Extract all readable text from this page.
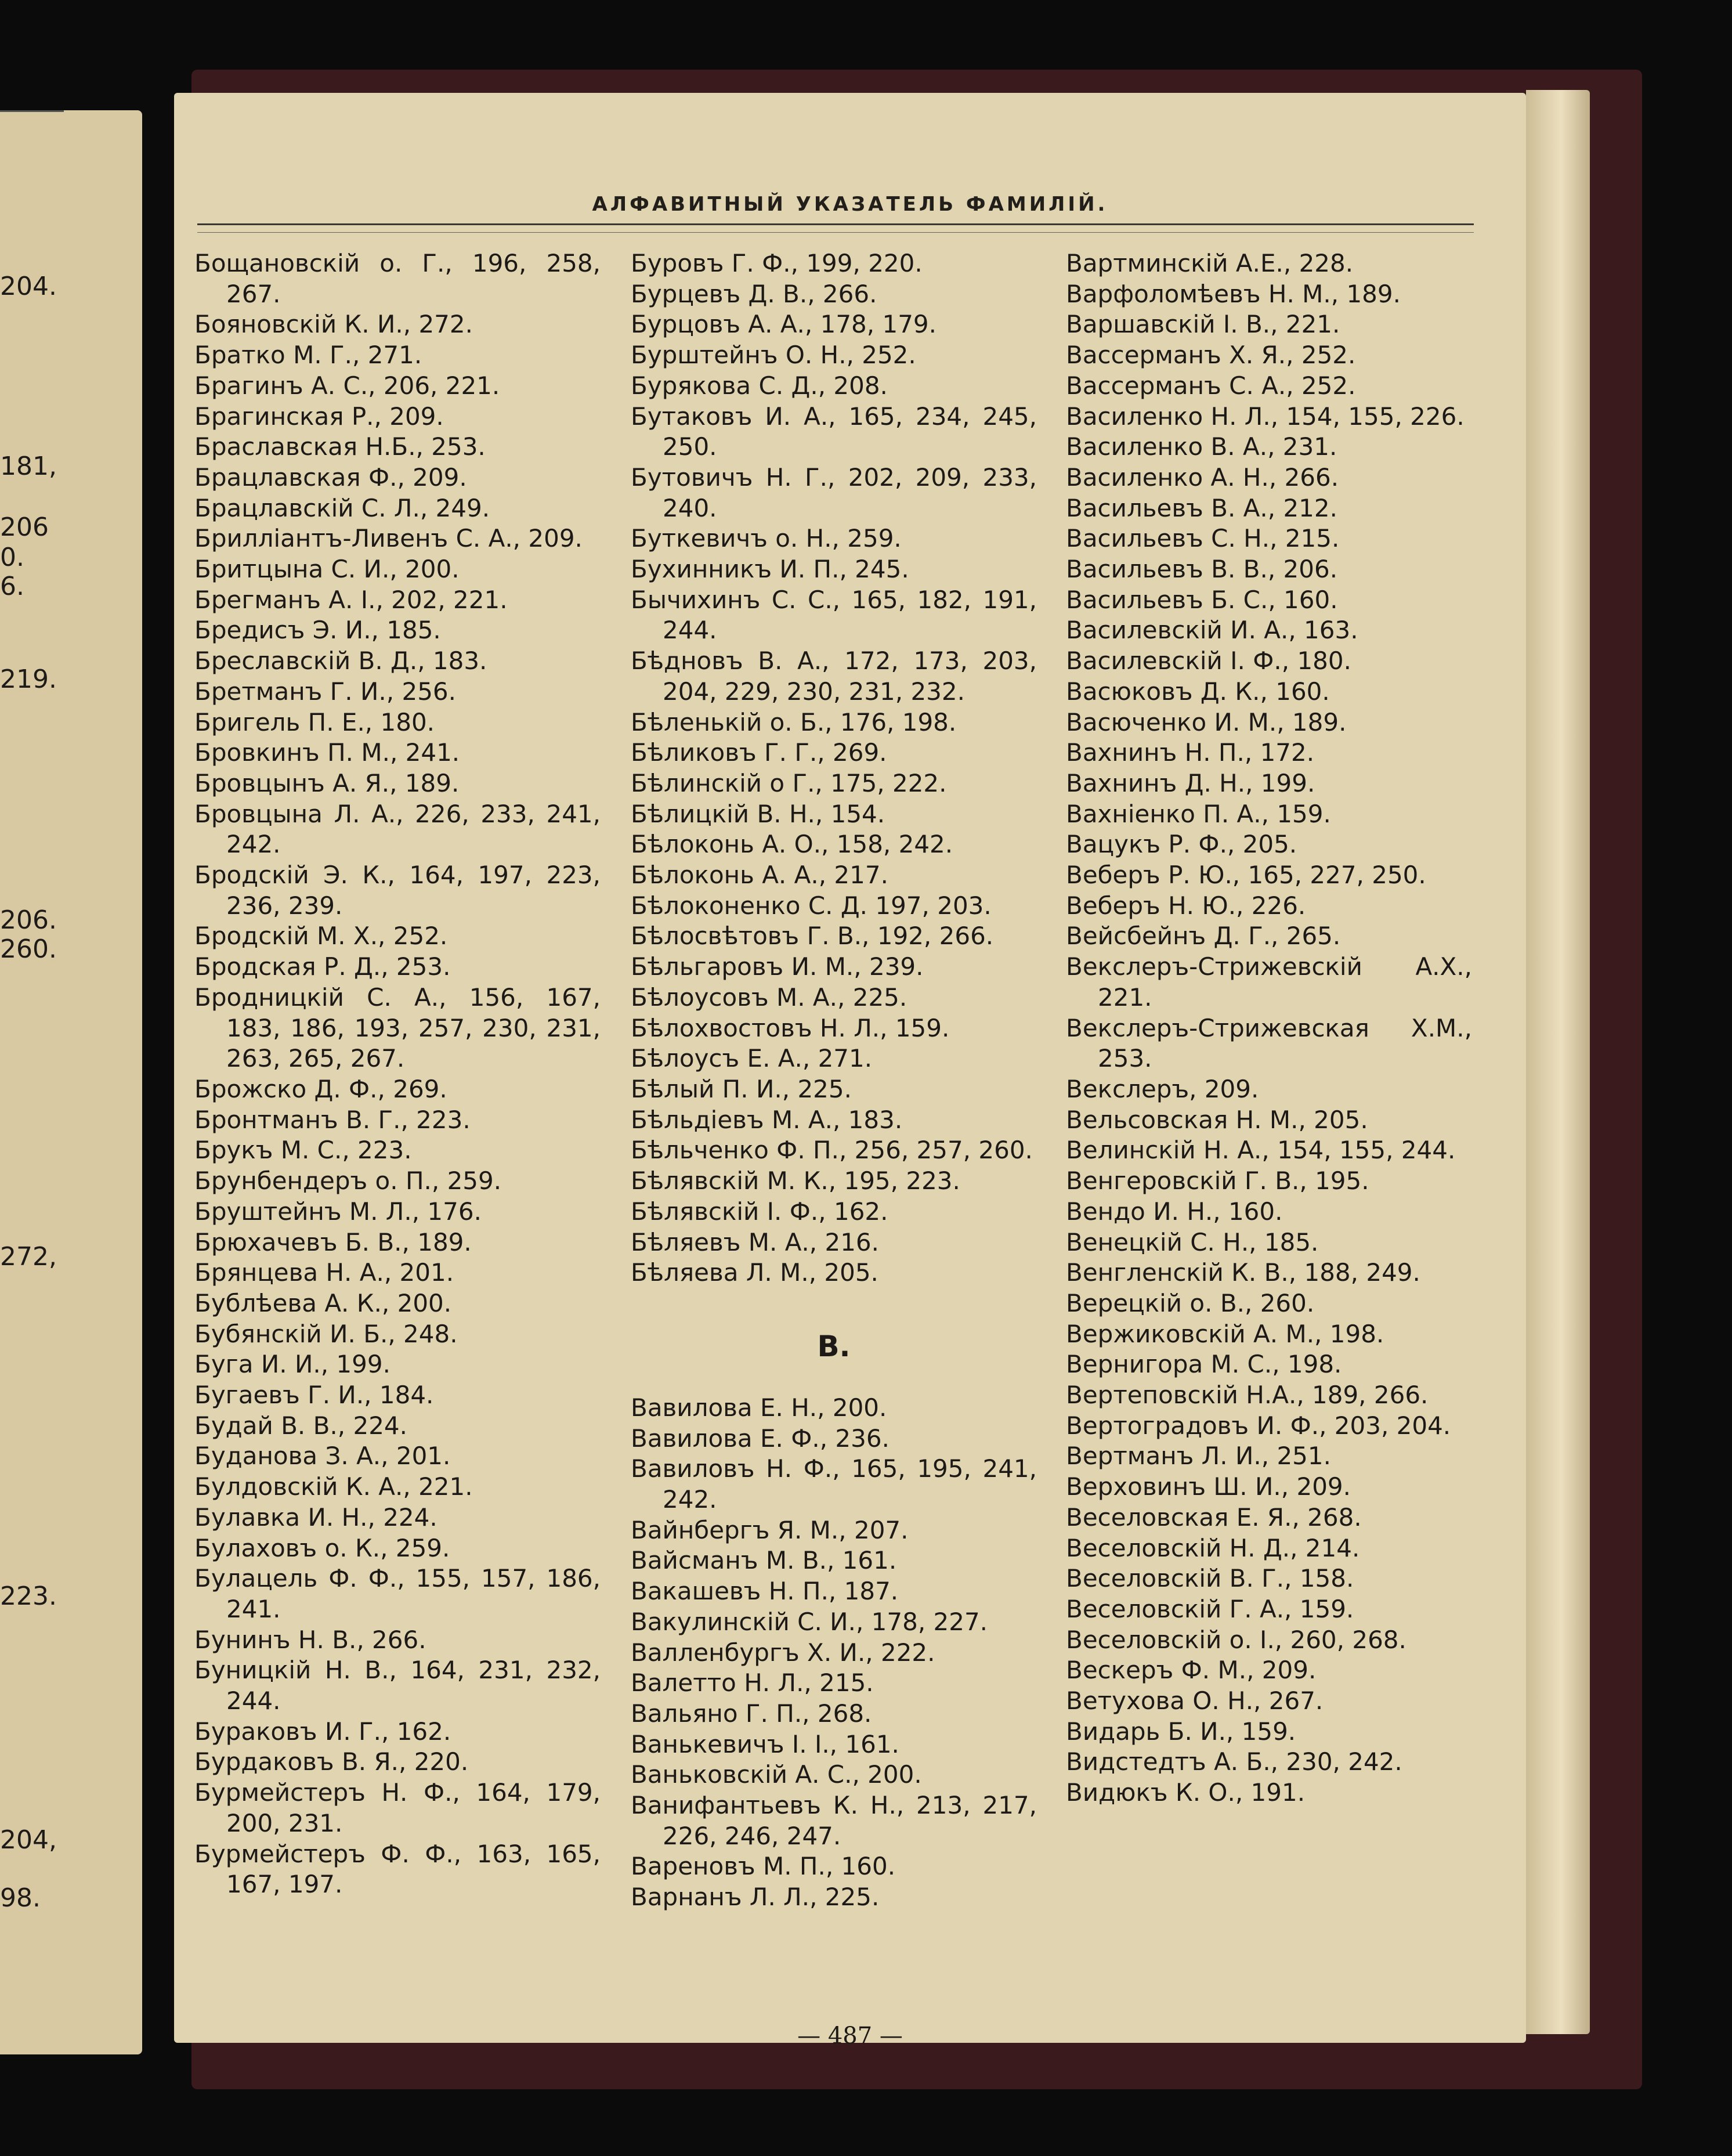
204.
181,
206
0.
6.
219.
206.
260.
272,
223.
204,
98.
АЛФАВИТНЫЙ УКАЗАТЕЛЬ ФАМИЛІЙ.

Бощановскій о. Г., 196, 258, 267.

Бояновскій К. И., 272.

Братко М. Г., 271.

Брагинъ А. С., 206, 221.

Брагинская Р., 209.

Браславская Н.Б., 253.

Брацлавская Ф., 209.

Брацлавскій С. Л., 249.

Брилліантъ-Ливенъ С. А., 209.

Бритцына С. И., 200.

Брегманъ А. І., 202, 221.

Бредисъ Э. И., 185.

Бреславскій В. Д., 183.

Бретманъ Г. И., 256.

Бригель П. Е., 180.

Бровкинъ П. М., 241.

Бровцынъ А. Я., 189.

Бровцына Л. А., 226, 233, 241, 242.

Бродскій Э. К., 164, 197, 223, 236, 239.

Бродскій М. Х., 252.

Бродская Р. Д., 253.

Бродницкій С. А., 156, 167, 183, 186, 193, 257, 230, 231, 263, 265, 267.

Брожско Д. Ф., 269.

Бронтманъ В. Г., 223.

Брукъ М. С., 223.

Брунбендеръ о. П., 259.

Бруштейнъ М. Л., 176.

Брюхачевъ Б. В., 189.

Брянцева Н. А., 201.

Бублѣева А. К., 200.

Бубянскій И. Б., 248.

Буга И. И., 199.

Бугаевъ Г. И., 184.

Будай В. В., 224.

Буданова З. А., 201.

Булдовскій К. А., 221.

Булавка И. Н., 224.

Булаховъ о. К., 259.

Булацель Ф. Ф., 155, 157, 186, 241.

Бунинъ Н. В., 266.

Буницкій Н. В., 164, 231, 232, 244.

Бураковъ И. Г., 162.

Бурдаковъ В. Я., 220.

Бурмейстеръ Н. Ф., 164, 179, 200, 231.

Бурмейстеръ Ф. Ф., 163, 165, 167, 197.

Буровъ Г. Ф., 199, 220.

Бурцевъ Д. В., 266.

Бурцовъ А. А., 178, 179.

Бурштейнъ О. Н., 252.

Бурякова С. Д., 208.

Бутаковъ И. А., 165, 234, 245, 250.

Бутовичъ Н. Г., 202, 209, 233, 240.

Буткевичъ о. Н., 259.

Бухинникъ И. П., 245.

Бычихинъ С. С., 165, 182, 191, 244.

Бѣдновъ В. А., 172, 173, 203, 204, 229, 230, 231, 232.

Бѣленькій о. Б., 176, 198.

Бѣликовъ Г. Г., 269.

Бѣлинскій о Г., 175, 222.

Бѣлицкій В. Н., 154.

Бѣлоконь А. О., 158, 242.

Бѣлоконь А. А., 217.

Бѣлоконенко С. Д. 197, 203.

Бѣлосвѣтовъ Г. В., 192, 266.

Бѣльгаровъ И. М., 239.

Бѣлоусовъ М. А., 225.

Бѣлохвостовъ Н. Л., 159.

Бѣлоусъ Е. А., 271.

Бѣлый П. И., 225.

Бѣльдіевъ М. А., 183.

Бѣльченко Ф. П., 256, 257, 260.

Бѣлявскій М. К., 195, 223.

Бѣлявскій І. Ф., 162.

Бѣляевъ М. А., 216.

Бѣляева Л. М., 205.

В.

Вавилова Е. Н., 200.

Вавилова Е. Ф., 236.

Вавиловъ Н. Ф., 165, 195, 241, 242.

Вайнбергъ Я. М., 207.

Вайсманъ М. В., 161.

Вакашевъ Н. П., 187.

Вакулинскій С. И., 178, 227.

Валленбургъ Х. И., 222.

Валетто Н. Л., 215.

Вальяно Г. П., 268.

Ванькевичъ І. І., 161.

Ваньковскій А. С., 200.

Ванифантьевъ К. Н., 213, 217, 226, 246, 247.

Вареновъ М. П., 160.

Варнанъ Л. Л., 225.

Вартминскій А.Е., 228.

Варфоломѣевъ Н. М., 189.

Варшавскій І. В., 221.

Вассерманъ Х. Я., 252.

Вассерманъ С. А., 252.

Василенко Н. Л., 154, 155, 226.

Василенко В. А., 231.

Василенко А. Н., 266.

Васильевъ В. А., 212.

Васильевъ С. Н., 215.

Васильевъ В. В., 206.

Васильевъ Б. С., 160.

Василевскій И. А., 163.

Василевскій І. Ф., 180.

Васюковъ Д. К., 160.

Васюченко И. М., 189.

Вахнинъ Н. П., 172.

Вахнинъ Д. Н., 199.

Вахніенко П. А., 159.

Вацукъ Р. Ф., 205.

Веберъ Р. Ю., 165, 227, 250.

Веберъ Н. Ю., 226.

Вейсбейнъ Д. Г., 265.

Векслеръ-Стрижевскій А.Х., 221.

Векслеръ-Стрижевская Х.М., 253.

Векслеръ, 209.

Вельсовская Н. М., 205.

Велинскій Н. А., 154, 155, 244.

Венгеровскій Г. В., 195.

Вендо И. Н., 160.

Венецкій С. Н., 185.

Венгленскій К. В., 188, 249.

Верецкій о. В., 260.

Вержиковскій А. М., 198.

Вернигора М. С., 198.

Вертеповскій Н.А., 189, 266.

Вертоградовъ И. Ф., 203, 204.

Вертманъ Л. И., 251.

Верховинъ Ш. И., 209.

Веселовская Е. Я., 268.

Веселовскій Н. Д., 214.

Веселовскій В. Г., 158.

Веселовскій Г. А., 159.

Веселовскій о. І., 260, 268.

Вескеръ Ф. М., 209.

Ветухова О. Н., 267.

Видарь Б. И., 159.

Видстедтъ А. Б., 230, 242.

Видюкъ К. О., 191.

— 487 —
